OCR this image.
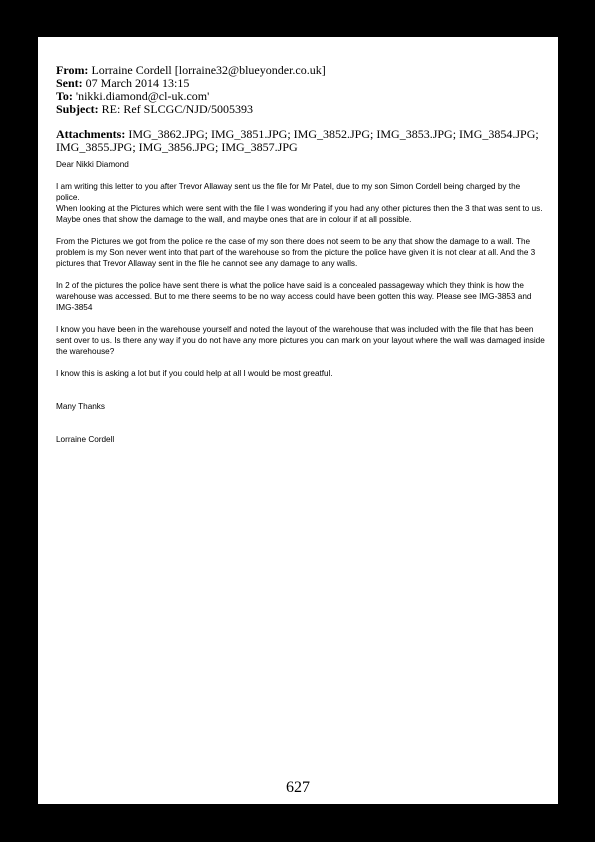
From: Lorraine Cordell [lorraine32@blueyonder.co.uk]
Sent: 07 March 2014 13:15
To: 'nikki.diamond@cl-uk.com'
Subject: RE: Ref SLCGC/NJD/5005393
Attachments: IMG_3862.JPG; IMG_3851.JPG; IMG_3852.JPG; IMG_3853.JPG; IMG_3854.JPG; IMG_3855.JPG; IMG_3856.JPG; IMG_3857.JPG

Dear Nikki Diamond

I am writing this letter to you after Trevor Allaway sent us the file for Mr Patel, due to my son Simon Cordell being charged by the police.

When looking at the Pictures which were sent with the file I was wondering if you had any other pictures then the 3 that was sent to us. Maybe ones that show the damage to the wall, and maybe ones that are in colour if at all possible.

From the Pictures we got from the police re the case of my son there does not seem to be any that show the damage to a wall. The problem is my Son never went into that part of the warehouse so from the picture the police have given it is not clear at all. And the 3 pictures that Trevor Allaway sent in the file he cannot see any damage to any walls.

In 2 of the pictures the police have sent there is what the police have said is a concealed passageway which they think is how the warehouse was accessed. But to me there seems to be no way access could have been gotten this way. Please see IMG-3853 and IMG-3854

I know you have been in the warehouse yourself and noted the layout of the warehouse that was included with the file that has been sent over to us. Is there any way if you do not have any more pictures you can mark on your layout where the wall was damaged inside the warehouse?

I know this is asking a lot but if you could help at all I would be most greatful.

Many Thanks

Lorraine Cordell

627
